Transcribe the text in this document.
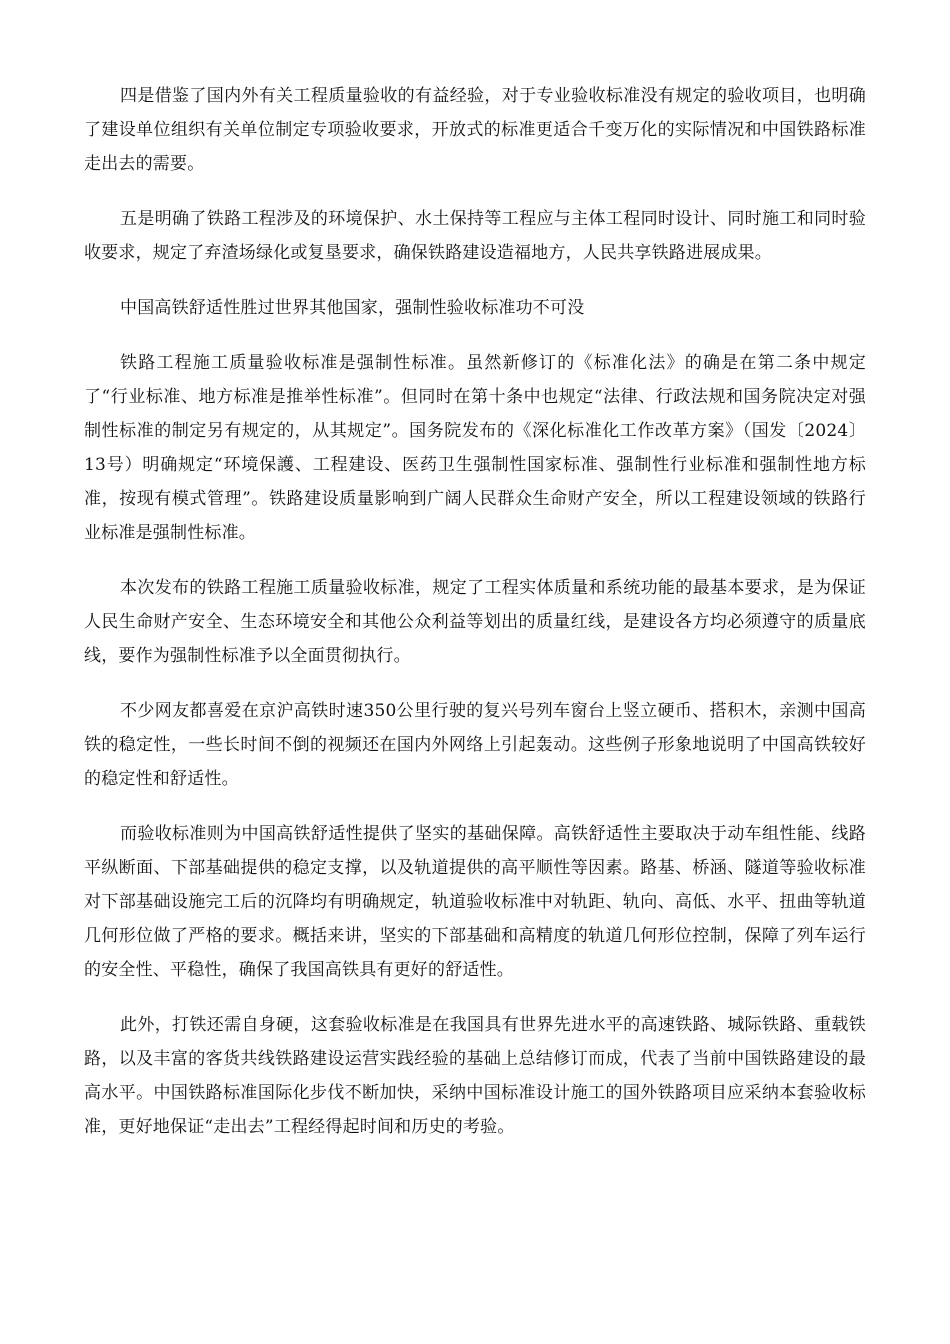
四是借鉴了国内外有关工程质量验收的有益经验，对于专业验收标准没有规定的验收项目，也明确了建设单位组织有关单位制定专项验收要求，开放式的标准更适合千变万化的实际情况和中国铁路标准走出去的需要。

五是明确了铁路工程涉及的环境保护、水土保持等工程应与主体工程同时设计、同时施工和同时验收要求，规定了弃渣场绿化或复垦要求，确保铁路建设造福地方，人民共享铁路进展成果。

中国高铁舒适性胜过世界其他国家，强制性验收标准功不可没

铁路工程施工质量验收标准是强制性标准。虽然新修订的《标准化法》的确是在第二条中规定了“行业标准、地方标准是推举性标准”。但同时在第十条中也规定“法律、行政法规和国务院决定对强制性标准的制定另有规定的，从其规定”。国务院发布的《深化标准化工作改革方案》（国发〔2024〕13号）明确规定“环境保護、工程建设、医药卫生强制性国家标准、强制性行业标准和强制性地方标准，按现有模式管理”。铁路建设质量影响到广阔人民群众生命财产安全，所以工程建设领域的铁路行业标准是强制性标准。

本次发布的铁路工程施工质量验收标准，规定了工程实体质量和系统功能的最基本要求，是为保证人民生命财产安全、生态环境安全和其他公众利益等划出的质量红线，是建设各方均必须遵守的质量底线，要作为强制性标准予以全面贯彻执行。

不少网友都喜爱在京沪高铁时速350公里行驶的复兴号列车窗台上竖立硬币、搭积木，亲测中国高铁的稳定性，一些长时间不倒的视频还在国内外网络上引起轰动。这些例子形象地说明了中国高铁较好的稳定性和舒适性。

而验收标准则为中国高铁舒适性提供了坚实的基础保障。高铁舒适性主要取决于动车组性能、线路平纵断面、下部基础提供的稳定支撑，以及轨道提供的高平顺性等因素。路基、桥涵、隧道等验收标准对下部基础设施完工后的沉降均有明确规定，轨道验收标准中对轨距、轨向、高低、水平、扭曲等轨道几何形位做了严格的要求。概括来讲，坚实的下部基础和高精度的轨道几何形位控制，保障了列车运行的安全性、平稳性，确保了我国高铁具有更好的舒适性。

此外，打铁还需自身硬，这套验收标准是在我国具有世界先进水平的高速铁路、城际铁路、重载铁路，以及丰富的客货共线铁路建设运营实践经验的基础上总结修订而成，代表了当前中国铁路建设的最高水平。中国铁路标准国际化步伐不断加快，采纳中国标准设计施工的国外铁路项目应采纳本套验收标准，更好地保证“走出去”工程经得起时间和历史的考验。
